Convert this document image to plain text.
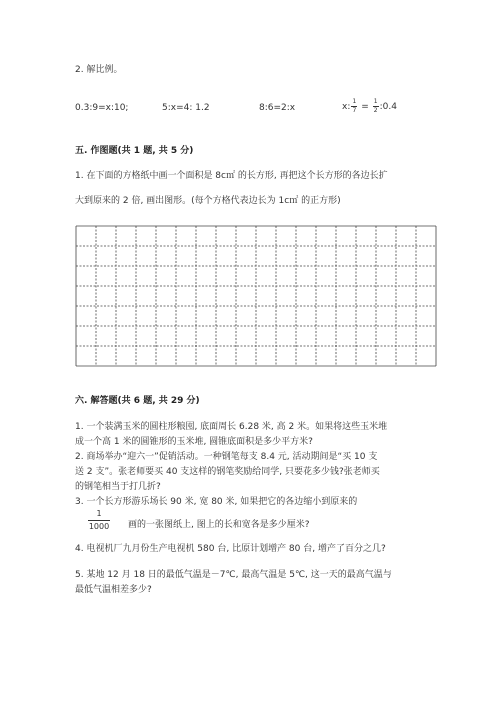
2. 解比例。
0.3:9=x:10;	5:x=4: 1.2	8:6=2:x	x: $\frac{1}{7} = \frac{1}{2}$ :0.4
五. 作图题(共 1 题, 共 5 分)
1. 在下面的方格纸中画一个面积是 8c㎡ 的长方形, 再把这个长方形的各边长扩
大到原来的 2 倍, 画出图形。(每个方格代表边长为 1c㎡ 的正方形)
六. 解答题(共 6 题, 共 29 分)
1. 一个装满玉米的圆柱形粮囤, 底面周长 6.28 米, 高 2 米。如果将这些玉米堆
成一个高 1 米的圆锥形的玉米堆, 圆锥底面积是多少平方米?
2. 商场举办“迎六一”促销活动。一种钢笔每支 8.4 元, 活动期间是“买 10 支
送 2 支”。张老师要买 40 支这样的钢笔奖励给同学, 只要花多少钱?张老师买
的钢笔相当于打几折?
3. 一个长方形游乐场长 90 米, 宽 80 米, 如果把它的各边缩小到原来的
1
1000 画的一张图纸上, 图上的长和宽各是多少厘米?
4. 电视机厂九月份生产电视机 580 台, 比原计划增产 80 台, 增产了百分之几?
5. 某地 12 月 18 日的最低气温是－7℃, 最高气温是 5℃, 这一天的最高气温与
最低气温相差多少?
